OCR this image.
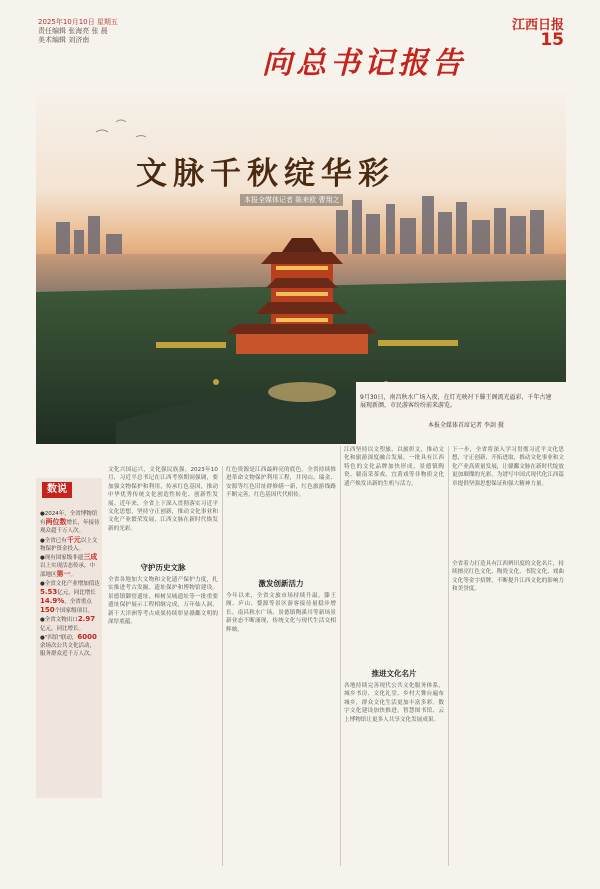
2025年10月10日 星期五
责任编辑 张海亮 张 晨
美术编辑 刘济南
向总书记报告
江西日报
15
文脉千秋绽华彩
本报全媒体记者 陈来欧 曹翔之
9月30日，南昌秋水广场入夜，在灯光映衬下滕王阁流光溢彩，千年古建展现新颜，市民游客纷纷前来游览。
本报全媒体首席记者 李剑 摄
数说
●2024年，全省博物馆有两位数增长，年接待观众超千万人次。
●全省已有千元以上文物保护资金投入。
●现有国家级非遗三成以上实现活态传承，中部地区第一。
●全省文化产业增加值达5.53亿元，同比增长14.9%，全省重点150个国家级项目。
●全省文物出口2.97亿元，同比增长。
●"四馆"联动，6000余场次公共文化活动，服务群众近千万人次。
文化兴国运兴，文化强民族强。2023年10月，习近平总书记在江西考察期间强调，要加强文物保护和利用，传承红色基因，推动中华优秀传统文化创造性转化、创新性发展。近年来，全省上下深入贯彻落实习近平文化思想，坚持守正创新，推动文化事业和文化产业繁荣发展，江西文脉在新时代焕发新的光彩。
守护历史文脉
全省各地加大文物和文化遗产保护力度，扎实推进考古发掘、遗址保护和博物馆建设。景德镇御窑遗址、樟树吴城遗址等一批重要遗址保护展示工程相继完成，万年仙人洞、新干大洋洲等考古成果持续彰显赣鄱文明的深厚底蕴。
红色资源是江西最鲜亮的底色。全省持续推进革命文物保护利用工程，井冈山、瑞金、安源等红色旧址群修缮一新，红色旅游线路不断完善，红色基因代代相传。
激发创新活力
今年以来，全省文旅市场持续升温，滕王阁、庐山、婺源等景区游客接待量稳步增长。南昌秋水广场、景德镇陶溪川等新场景新业态不断涌现，传统文化与现代生活交相辉映。
江西坚持以文塑旅、以旅彰文，推动文化和旅游深度融合发展。一批具有江西特色的文化品牌加快形成，景德镇陶瓷、赣南采茶戏、宜黄戏等非物质文化遗产焕发出新的生机与活力。
推进文化名片
各地持续完善现代公共文化服务体系，城乡书房、文化礼堂、乡村大舞台遍布城乡，群众文化生活更加丰富多彩。数字文化建设加快推进，智慧图书馆、云上博物馆让更多人共享文化发展成果。
下一步，全省将深入学习贯彻习近平文化思想，守正创新、开拓进取，推动文化事业和文化产业高质量发展，让赣鄱文脉在新时代绽放更加璀璨的光彩，为谱写中国式现代化江西篇章提供坚强思想保证和强大精神力量。
全省着力打造具有江西辨识度的文化名片，持续擦亮红色文化、陶瓷文化、书院文化、戏曲文化等金字招牌，不断提升江西文化的影响力和美誉度。
